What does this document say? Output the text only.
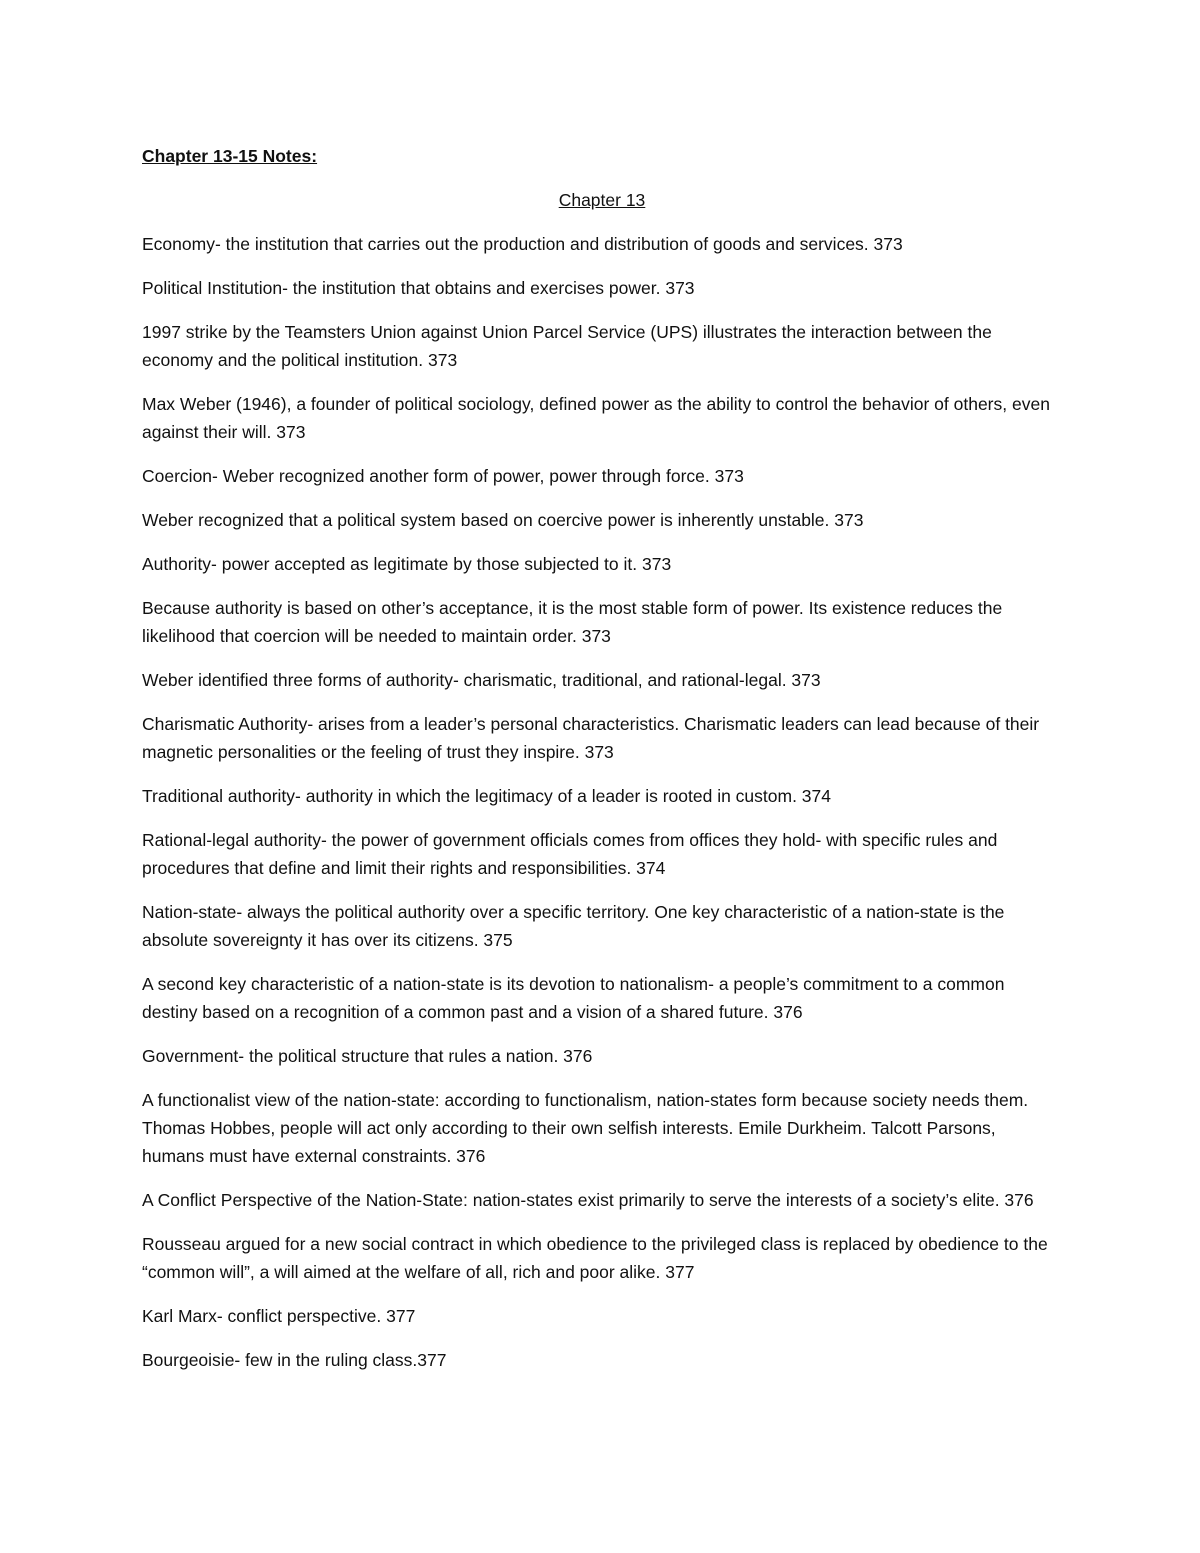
Chapter 13-15 Notes:
Chapter 13

Economy- the institution that carries out the production and distribution of goods and services. 373

Political Institution- the institution that obtains and exercises power. 373

1997 strike by the Teamsters Union against Union Parcel Service (UPS) illustrates the interaction between the economy and the political institution. 373

Max Weber (1946), a founder of political sociology, defined power as the ability to control the behavior of others, even against their will. 373

Coercion- Weber recognized another form of power, power through force. 373

Weber recognized that a political system based on coercive power is inherently unstable. 373

Authority- power accepted as legitimate by those subjected to it. 373

Because authority is based on other’s acceptance, it is the most stable form of power. Its existence reduces the likelihood that coercion will be needed to maintain order. 373

Weber identified three forms of authority- charismatic, traditional, and rational-legal. 373

Charismatic Authority- arises from a leader’s personal characteristics. Charismatic leaders can lead because of their magnetic personalities or the feeling of trust they inspire. 373

Traditional authority- authority in which the legitimacy of a leader is rooted in custom. 374

Rational-legal authority- the power of government officials comes from offices they hold- with specific rules and procedures that define and limit their rights and responsibilities. 374

Nation-state- always the political authority over a specific territory. One key characteristic of a nation-state is the absolute sovereignty it has over its citizens. 375

A second key characteristic of a nation-state is its devotion to nationalism- a people’s commitment to a common destiny based on a recognition of a common past and a vision of a shared future. 376

Government- the political structure that rules a nation. 376

A functionalist view of the nation-state: according to functionalism, nation-states form because society needs them. Thomas Hobbes, people will act only according to their own selfish interests. Emile Durkheim. Talcott Parsons, humans must have external constraints. 376

A Conflict Perspective of the Nation-State: nation-states exist primarily to serve the interests of a society’s elite. 376

Rousseau argued for a new social contract in which obedience to the privileged class is replaced by obedience to the “common will”, a will aimed at the welfare of all, rich and poor alike. 377

Karl Marx- conflict perspective. 377

Bourgeoisie- few in the ruling class.377
